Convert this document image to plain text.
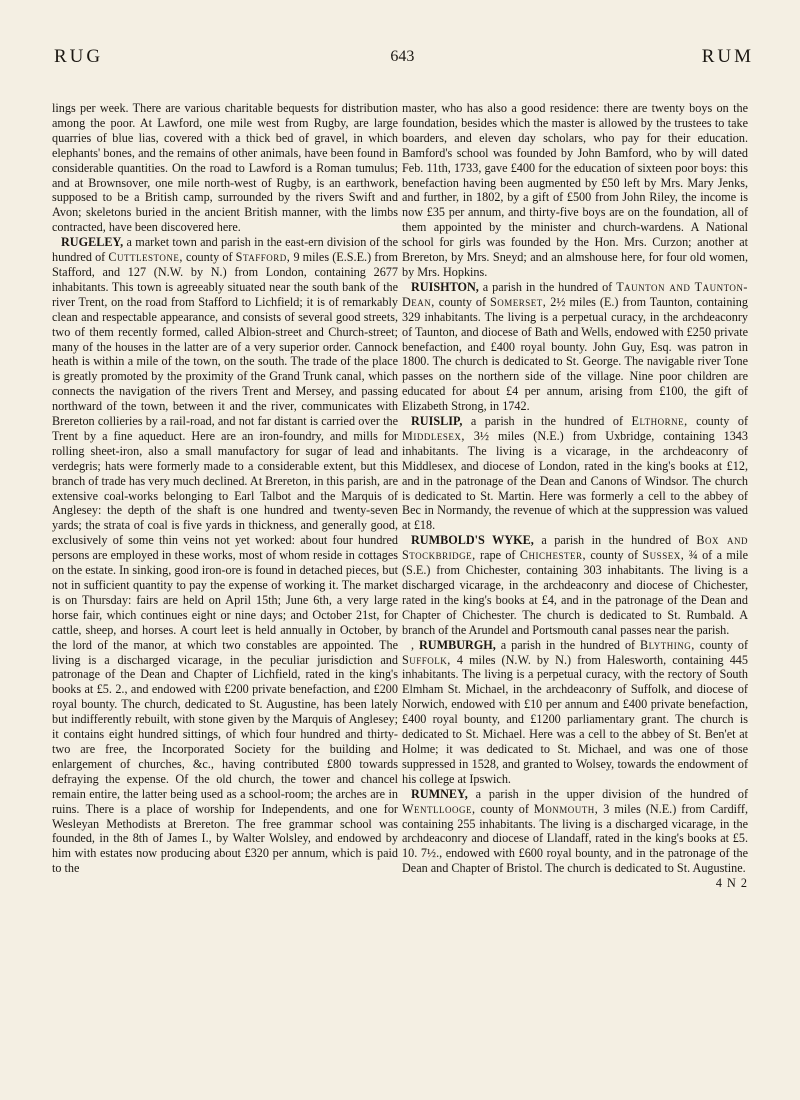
RUG	643	RUM

lings per week. There are various charitable bequests for distribution among the poor. At Lawford, one mile west from Rugby, are large quarries of blue lias, covered with a thick bed of gravel, in which elephants' bones, and the remains of other animals, have been found in considerable quantities. On the road to Lawford is a Roman tumulus; and at Brownsover, one mile north-west of Rugby, is an earthwork, supposed to be a British camp, surrounded by the rivers Swift and Avon; skeletons buried in the ancient British manner, with the limbs contracted, have been discovered here.

RUGELEY, a market town and parish in the east-ern division of the hundred of Cuttlestone, county of Stafford, 9 miles (E.S.E.) from Stafford, and 127 (N.W. by N.) from London, containing 2677 inhabitants. This town is agreeably situated near the south bank of the river Trent, on the road from Stafford to Lichfield; it is of remarkably clean and respectable appearance, and consists of several good streets, two of them recently formed, called Albion-street and Church-street; many of the houses in the latter are of a very superior order. Cannock heath is within a mile of the town, on the south. The trade of the place is greatly promoted by the proximity of the Grand Trunk canal, which connects the navigation of the rivers Trent and Mersey, and passing northward of the town, between it and the river, communicates with Brereton collieries by a rail-road, and not far distant is carried over the Trent by a fine aqueduct. Here are an iron-foundry, and mills for rolling sheet-iron, also a small manufactory for sugar of lead and verdegris; hats were formerly made to a considerable extent, but this branch of trade has very much declined. At Brereton, in this parish, are extensive coal-works belonging to Earl Talbot and the Marquis of Anglesey: the depth of the shaft is one hundred and twenty-seven yards; the strata of coal is five yards in thickness, and generally good, exclusively of some thin veins not yet worked: about four hundred persons are employed in these works, most of whom reside in cottages on the estate. In sinking, good iron-ore is found in detached pieces, but not in sufficient quantity to pay the expense of working it. The market is on Thursday: fairs are held on April 15th; June 6th, a very large horse fair, which continues eight or nine days; and October 21st, for cattle, sheep, and horses. A court leet is held annually in October, by the lord of the manor, at which two constables are appointed. The living is a discharged vicarage, in the peculiar jurisdiction and patronage of the Dean and Chapter of Lichfield, rated in the king's books at £5. 2., and endowed with £200 private benefaction, and £200 royal bounty. The church, dedicated to St. Augustine, has been lately but indifferently rebuilt, with stone given by the Marquis of Anglesey; it contains eight hundred sittings, of which four hundred and thirty-two are free, the Incorporated Society for the building and enlargement of churches, &c., having contributed £800 towards defraying the expense. Of the old church, the tower and chancel remain entire, the latter being used as a school-room; the arches are in ruins. There is a place of worship for Independents, and one for Wesleyan Methodists at Brereton. The free grammar school was founded, in the 8th of James I., by Walter Wolsley, and endowed by him with estates now producing about £320 per annum, which is paid to the

master, who has also a good residence: there are twenty boys on the foundation, besides which the master is allowed by the trustees to take boarders, and eleven day scholars, who pay for their education. Bamford's school was founded by John Bamford, who by will dated Feb. 11th, 1733, gave £400 for the education of sixteen poor boys: this benefaction having been augmented by £50 left by Mrs. Mary Jenks, and further, in 1802, by a gift of £500 from John Riley, the income is now £35 per annum, and thirty-five boys are on the foundation, all of them appointed by the minister and church-wardens. A National school for girls was founded by the Hon. Mrs. Curzon; another at Brereton, by Mrs. Sneyd; and an almshouse here, for four old women, by Mrs. Hopkins.

RUISHTON, a parish in the hundred of Taunton and Taunton-Dean, county of Somerset, 2½ miles (E.) from Taunton, containing 329 inhabitants. The living is a perpetual curacy, in the archdeaconry of Taunton, and diocese of Bath and Wells, endowed with £250 private benefaction, and £400 royal bounty. John Guy, Esq. was patron in 1800. The church is dedicated to St. George. The navigable river Tone passes on the northern side of the village. Nine poor children are educated for about £4 per annum, arising from £100, the gift of Elizabeth Strong, in 1742.

RUISLIP, a parish in the hundred of Elthorne, county of Middlesex, 3½ miles (N.E.) from Uxbridge, containing 1343 inhabitants. The living is a vicarage, in the archdeaconry of Middlesex, and diocese of London, rated in the king's books at £12, and in the patronage of the Dean and Canons of Windsor. The church is dedicated to St. Martin. Here was formerly a cell to the abbey of Bec in Normandy, the revenue of which at the suppression was valued at £18.

RUMBOLD'S WYKE, a parish in the hundred of Box and Stockbridge, rape of Chichester, county of Sussex, ¾ of a mile (S.E.) from Chichester, containing 303 inhabitants. The living is a discharged vicarage, in the archdeaconry and diocese of Chichester, rated in the king's books at £4, and in the patronage of the Dean and Chapter of Chichester. The church is dedicated to St. Rumbald. A branch of the Arundel and Portsmouth canal passes near the parish.

, RUMBURGH, a parish in the hundred of Blything, county of Suffolk, 4 miles (N.W. by N.) from Halesworth, containing 445 inhabitants. The living is a perpetual curacy, with the rectory of South Elmham St. Michael, in the archdeaconry of Suffolk, and diocese of Norwich, endowed with £10 per annum and £400 private benefaction, £400 royal bounty, and £1200 parliamentary grant. The church is dedicated to St. Michael. Here was a cell to the abbey of St. Ben'et at Holme; it was dedicated to St. Michael, and was one of those suppressed in 1528, and granted to Wolsey, towards the endowment of his college at Ipswich.

RUMNEY, a parish in the upper division of the hundred of Wentllooge, county of Monmouth, 3 miles (N.E.) from Cardiff, containing 255 inhabitants. The living is a discharged vicarage, in the archdeaconry and diocese of Llandaff, rated in the king's books at £5. 10. 7½., endowed with £600 royal bounty, and in the patronage of the Dean and Chapter of Bristol. The church is dedicated to St. Augustine.

4 N 2
